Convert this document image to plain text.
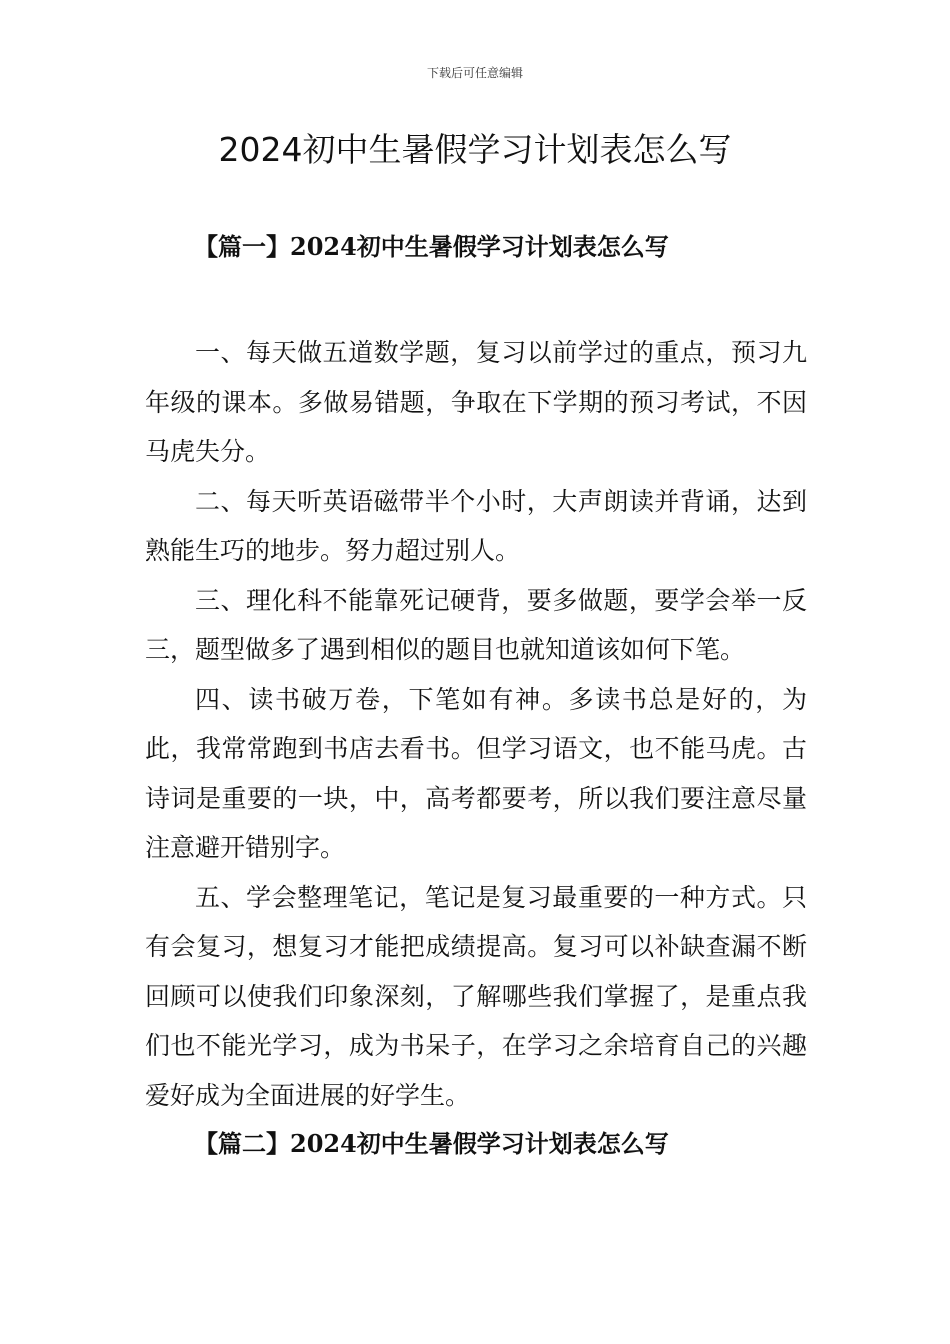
下载后可任意编辑
2024初中生暑假学习计划表怎么写
【篇一】2024初中生暑假学习计划表怎么写

一、每天做五道数学题，复习以前学过的重点，预习九年级的课本。多做易错题，争取在下学期的预习考试，不因马虎失分。

二、每天听英语磁带半个小时，大声朗读并背诵，达到熟能生巧的地步。努力超过别人。

三、理化科不能靠死记硬背，要多做题，要学会举一反三，题型做多了遇到相似的题目也就知道该如何下笔。

四、读书破万卷，下笔如有神。多读书总是好的，为此，我常常跑到书店去看书。但学习语文，也不能马虎。古诗词是重要的一块，中，高考都要考，所以我们要注意尽量注意避开错别字。

五、学会整理笔记，笔记是复习最重要的一种方式。只有会复习，想复习才能把成绩提高。复习可以补缺查漏不断回顾可以使我们印象深刻，了解哪些我们掌握了，是重点我们也不能光学习，成为书呆子，在学习之余培育自己的兴趣爱好成为全面进展的好学生。

【篇二】2024初中生暑假学习计划表怎么写
